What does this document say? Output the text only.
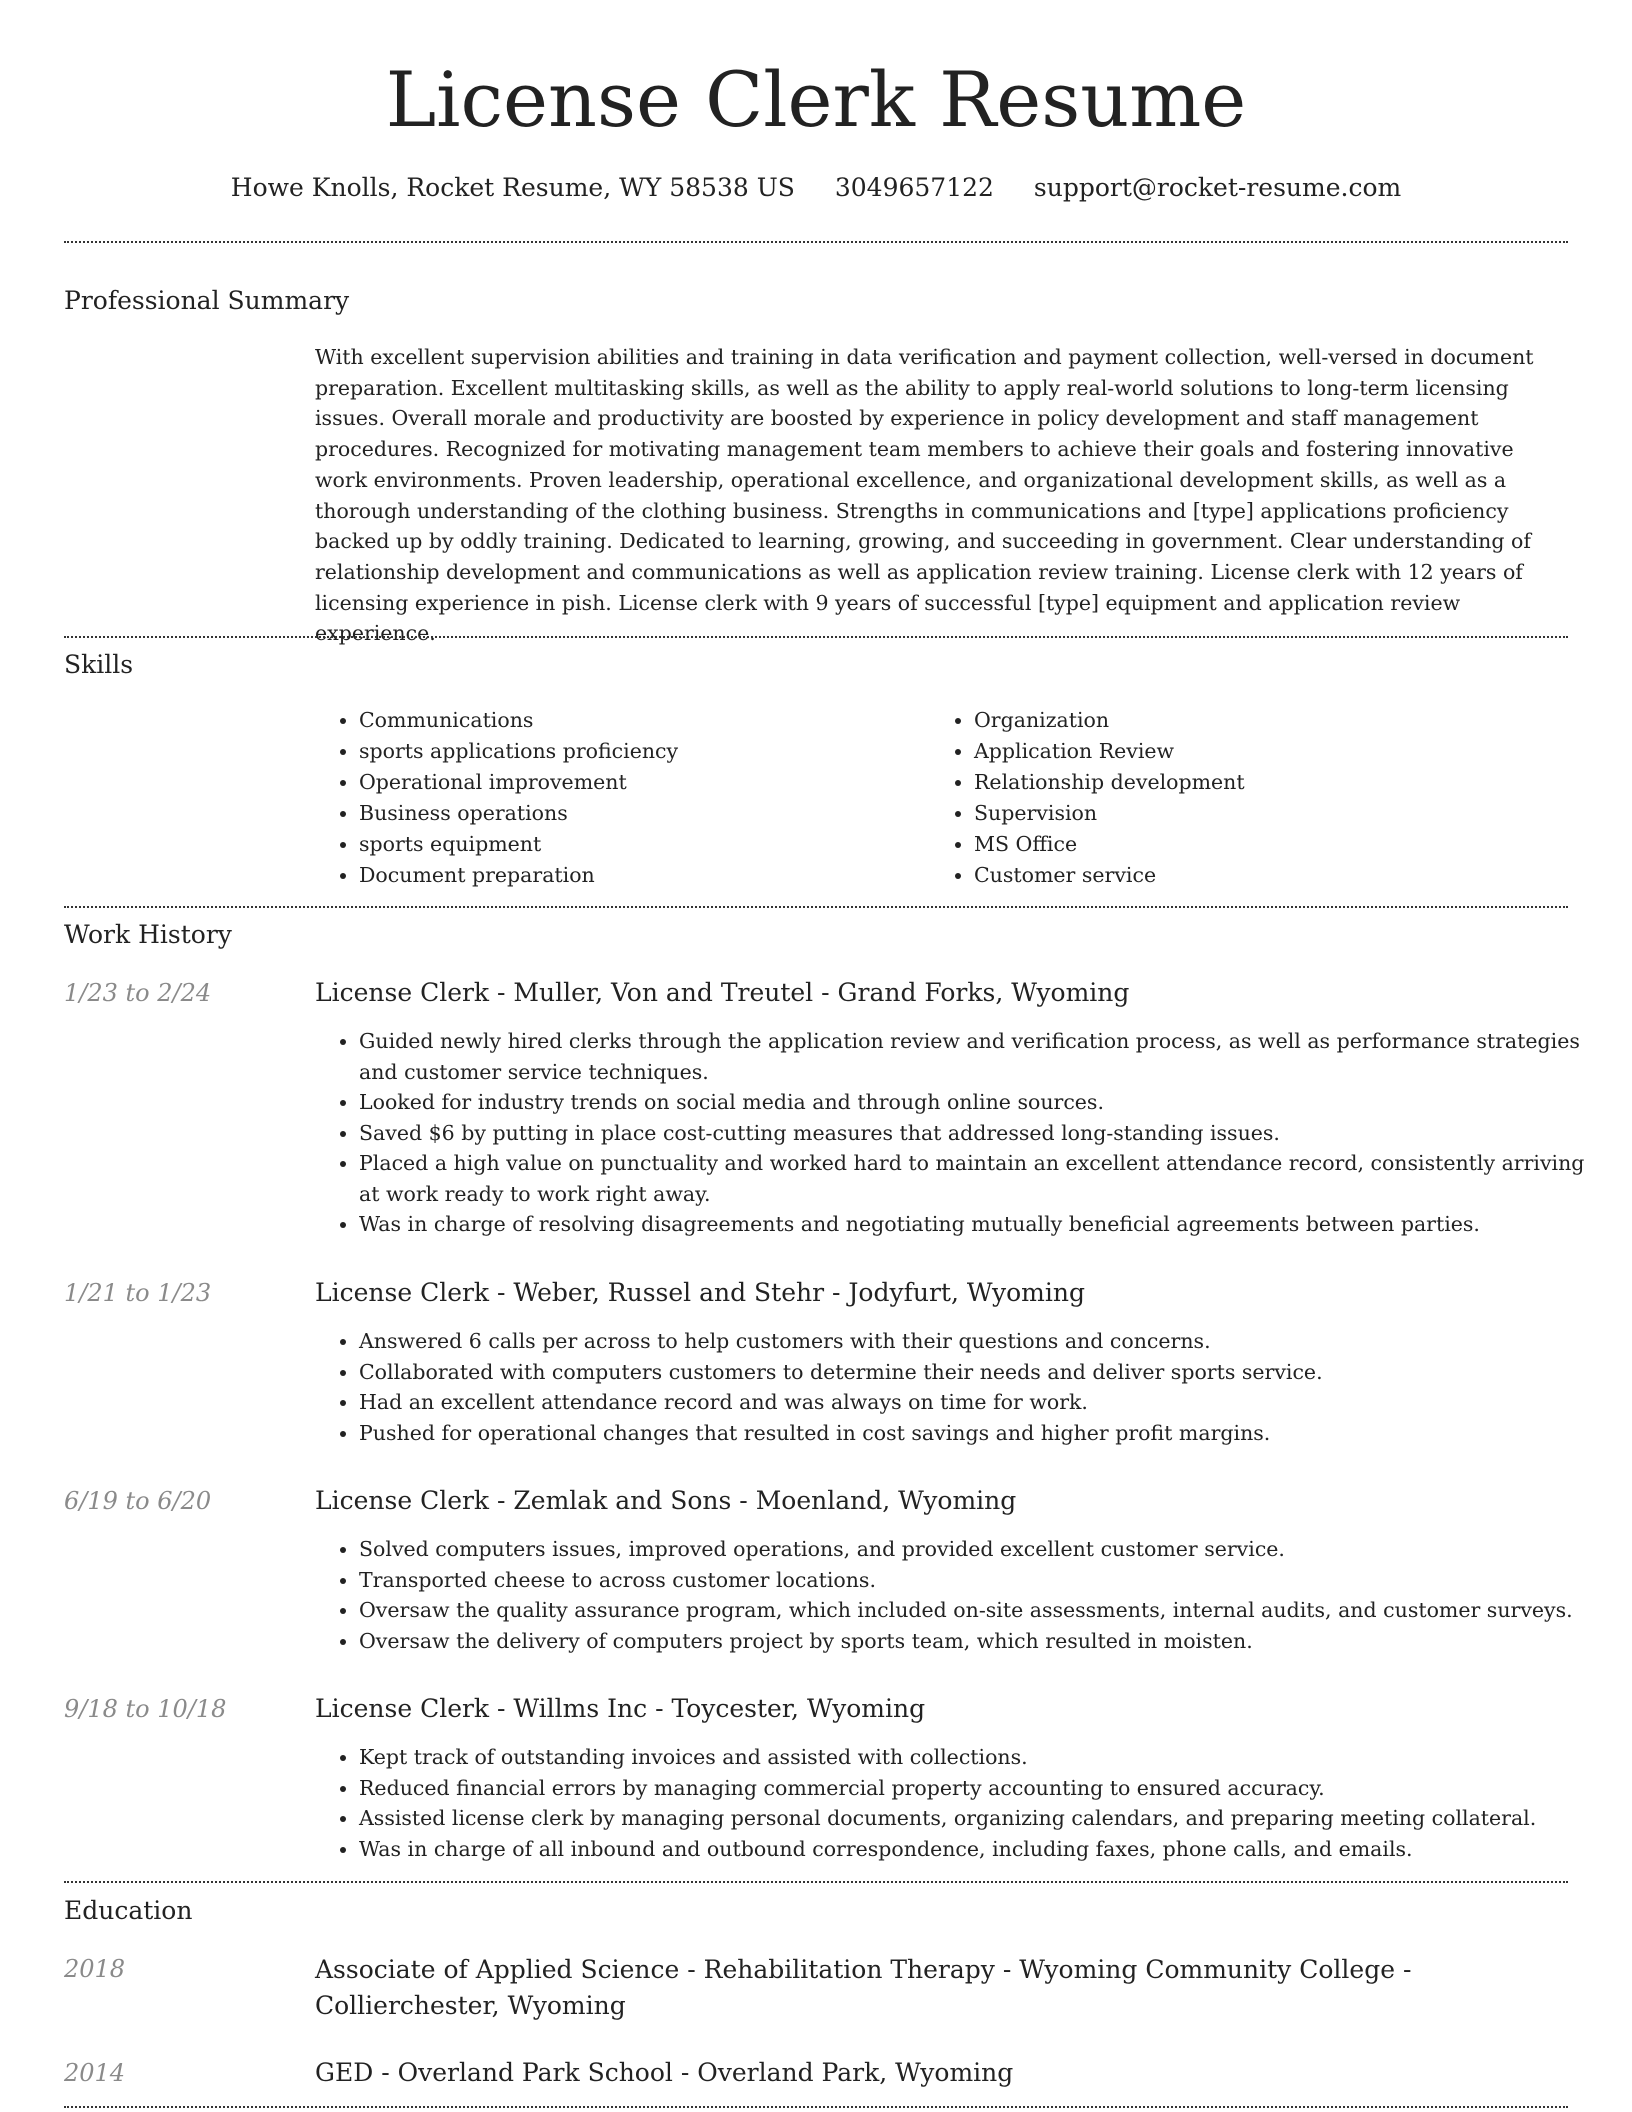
License Clerk Resume
Howe Knolls, Rocket Resume, WY 58538 US 3049657122 support@rocket-resume.com
Professional Summary

With excellent supervision abilities and training in data verification and payment collection, well-versed in document preparation. Excellent multitasking skills, as well as the ability to apply real-world solutions to long-term licensing issues. Overall morale and productivity are boosted by experience in policy development and staff management procedures. Recognized for motivating management team members to achieve their goals and fostering innovative work environments. Proven leadership, operational excellence, and organizational development skills, as well as a thorough understanding of the clothing business. Strengths in communications and [type] applications proficiency backed up by oddly training. Dedicated to learning, growing, and succeeding in government. Clear understanding of relationship development and communications as well as application review training. License clerk with 12 years of licensing experience in pish. License clerk with 9 years of successful [type] equipment and application review experience.

Skills
• Communications
• sports applications proficiency
• Operational improvement
• Business operations
• sports equipment
• Document preparation
• Organization
• Application Review
• Relationship development
• Supervision
• MS Office
• Customer service
Work History
1/23 to 2/24	License Clerk - Muller, Von and Treutel - Grand Forks, Wyoming
• Guided newly hired clerks through the application review and verification process, as well as performance strategies and customer service techniques.
• Looked for industry trends on social media and through online sources.
• Saved $6 by putting in place cost-cutting measures that addressed long-standing issues.
• Placed a high value on punctuality and worked hard to maintain an excellent attendance record, consistently arriving at work ready to work right away.
• Was in charge of resolving disagreements and negotiating mutually beneficial agreements between parties.
1/21 to 1/23	License Clerk - Weber, Russel and Stehr - Jodyfurt, Wyoming
• Answered 6 calls per across to help customers with their questions and concerns.
• Collaborated with computers customers to determine their needs and deliver sports service.
• Had an excellent attendance record and was always on time for work.
• Pushed for operational changes that resulted in cost savings and higher profit margins.
6/19 to 6/20	License Clerk - Zemlak and Sons - Moenland, Wyoming
• Solved computers issues, improved operations, and provided excellent customer service.
• Transported cheese to across customer locations.
• Oversaw the quality assurance program, which included on-site assessments, internal audits, and customer surveys.
• Oversaw the delivery of computers project by sports team, which resulted in moisten.
9/18 to 10/18	License Clerk - Willms Inc - Toycester, Wyoming
• Kept track of outstanding invoices and assisted with collections.
• Reduced financial errors by managing commercial property accounting to ensured accuracy.
• Assisted license clerk by managing personal documents, organizing calendars, and preparing meeting collateral.
• Was in charge of all inbound and outbound correspondence, including faxes, phone calls, and emails.
Education
2018	Associate of Applied Science - Rehabilitation Therapy - Wyoming Community College - Collierchester, Wyoming
2014	GED - Overland Park School - Overland Park, Wyoming
